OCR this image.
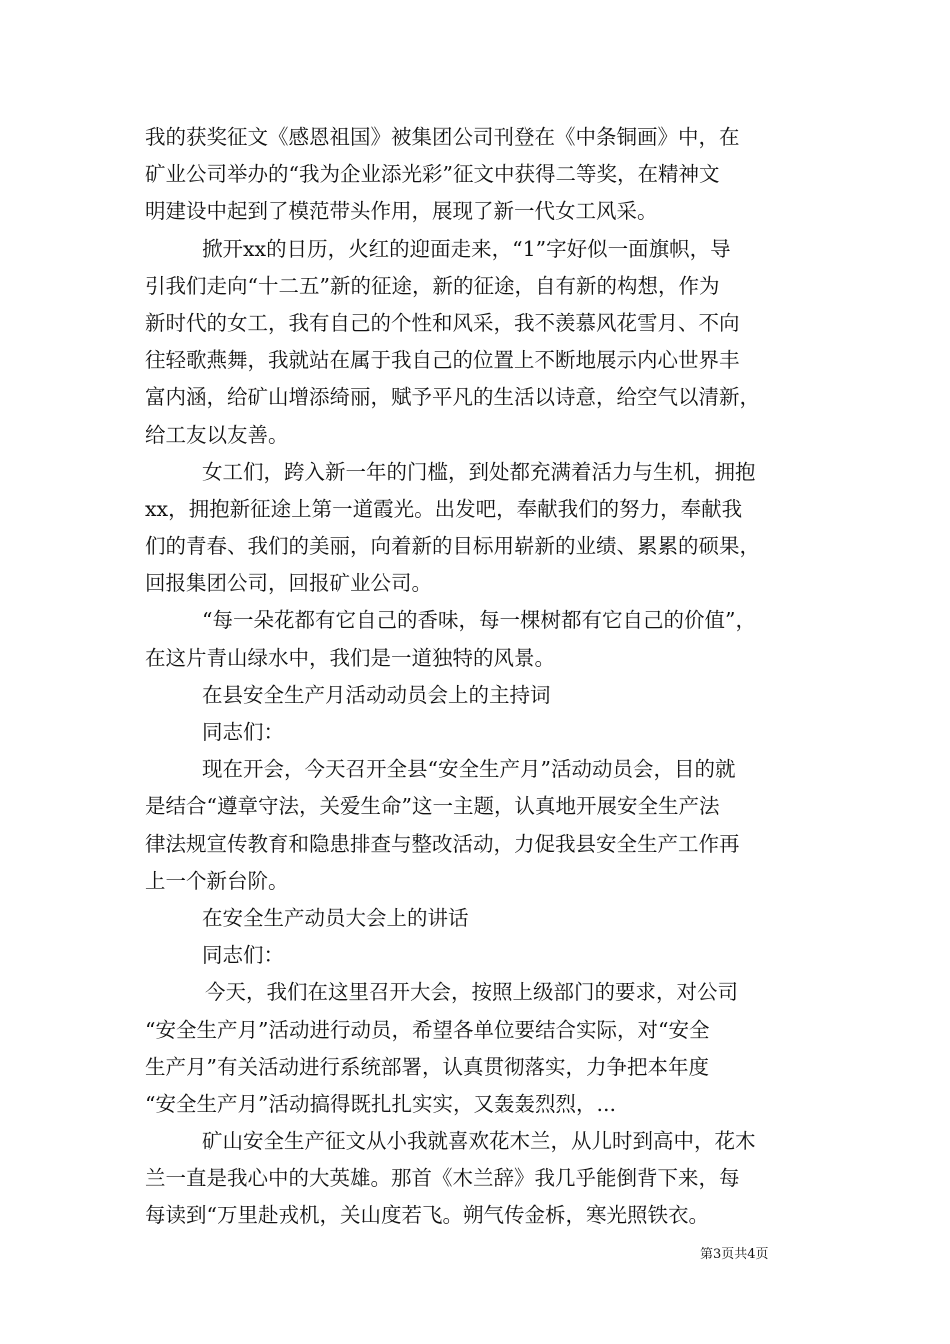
我的获奖征文《感恩祖国》被集团公司刊登在《中条铜画》中，在
矿业公司举办的“我为企业添光彩”征文中获得二等奖，在精神文
明建设中起到了模范带头作用，展现了新一代女工风采。
掀开xx的日历，火红的迎面走来，“1”字好似一面旗帜，导
引我们走向“十二五”新的征途，新的征途，自有新的构想，作为
新时代的女工，我有自己的个性和风采，我不羡慕风花雪月、不向
往轻歌燕舞，我就站在属于我自己的位置上不断地展示内心世界丰
富内涵，给矿山增添绮丽，赋予平凡的生活以诗意，给空气以清新，
给工友以友善。
女工们，跨入新一年的门槛，到处都充满着活力与生机，拥抱
xx，拥抱新征途上第一道霞光。出发吧，奉献我们的努力，奉献我
们的青春、我们的美丽，向着新的目标用崭新的业绩、累累的硕果，
回报集团公司，回报矿业公司。
“每一朵花都有它自己的香味，每一棵树都有它自己的价值”，
在这片青山绿水中，我们是一道独特的风景。
在县安全生产月活动动员会上的主持词
同志们：
现在开会，今天召开全县“安全生产月”活动动员会，目的就
是结合“遵章守法，关爱生命”这一主题，认真地开展安全生产法
律法规宣传教育和隐患排查与整改活动，力促我县安全生产工作再
上一个新台阶。
在安全生产动员大会上的讲话
同志们：
今天，我们在这里召开大会，按照上级部门的要求，对公司
“安全生产月”活动进行动员，希望各单位要结合实际，对“安全
生产月”有关活动进行系统部署，认真贯彻落实，力争把本年度
“安全生产月”活动搞得既扎扎实实，又轰轰烈烈，...
矿山安全生产征文从小我就喜欢花木兰，从儿时到高中，花木
兰一直是我心中的大英雄。那首《木兰辞》我几乎能倒背下来，每
每读到“万里赴戎机，关山度若飞。朔气传金柝，寒光照铁衣。
第3页共4页
